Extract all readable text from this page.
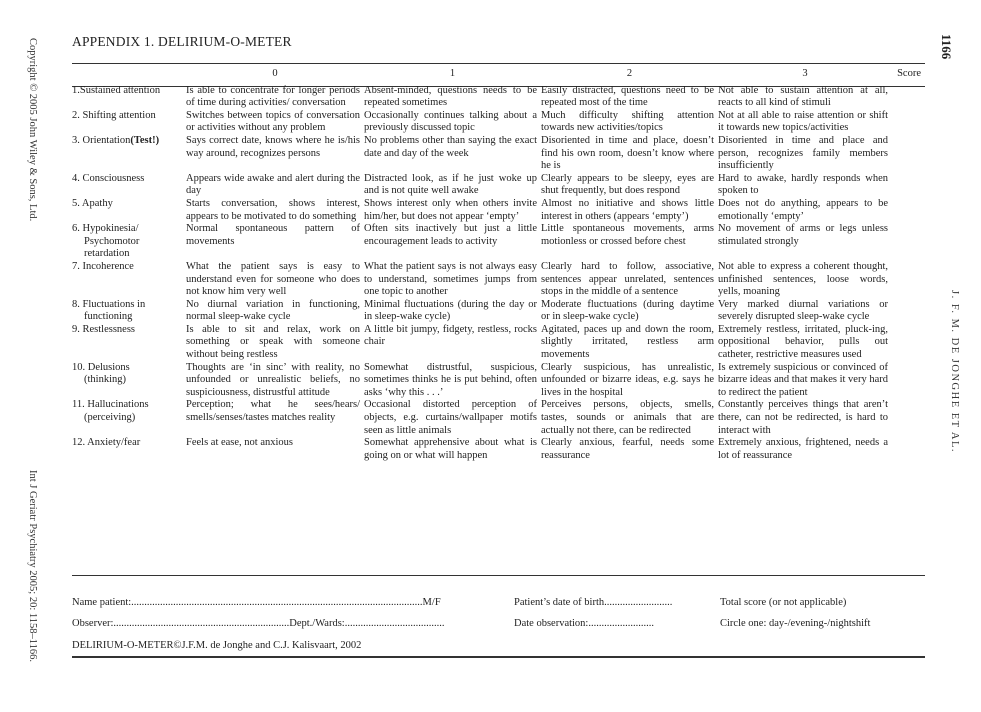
Copyright © 2005 John Wiley & Sons, Ltd.
Int J Geriatr Psychiatry 2005; 20: 1158–1166.
J. F. M. DE JONGHE ET AL.
1166
APPENDIX 1. DELIRIUM-O-METER
	0	1	2	3	Score
1.Sustained attention	Is able to concentrate for longer periods of time during activities/ conversation	Absent-minded, questions needs to be repeated sometimes	Easily distracted, questions need to be repeated most of the time	Not able to sustain attention at all, reacts to all kind of stimuli	
2. Shifting attention	Switches between topics of conversation or activities without any problem	Occasionally continues talking about a previously discussed topic	Much difficulty shifting attention towards new activities/topics	Not at all able to raise attention or shift it towards new topics/activities	
3. Orientation(Test!)	Says correct date, knows where he is/his way around, recognizes persons	No problems other than saying the exact date and day of the week	Disoriented in time and place, doesn’t find his own room, doesn’t know where he is	Disoriented in time and place and person, recognizes family members insufficiently	
4. Consciousness	Appears wide awake and alert during the day	Distracted look, as if he just woke up and is not quite well awake	Clearly appears to be sleepy, eyes are shut frequently, but does respond	Hard to awake, hardly responds when spoken to	
5. Apathy	Starts conversation, shows interest, appears to be motivated to do something	Shows interest only when others invite him/her, but does not appear ‘empty’	Almost no initiative and shows little interest in others (appears ‘empty’)	Does not do anything, appears to be emotionally ‘empty’	
6. Hypokinesia/
Psychomotor retardation	Normal spontaneous pattern of movements	Often sits inactively but just a little encouragement leads to activity	Little spontaneous movements, arms motionless or crossed before chest	No movement of arms or legs unless stimulated strongly	
7. Incoherence	What the patient says is easy to understand even for someone who does not know him very well	What the patient says is not always easy to understand, sometimes jumps from one topic to another	Clearly hard to follow, associative, sentences appear unrelated, sentences stops in the middle of a sentence	Not able to express a coherent thought, unfinished sentences, loose words, yells, moaning	
8. Fluctuations in
functioning	No diurnal variation in functioning, normal sleep-wake cycle	Minimal fluctuations (during the day or in sleep-wake cycle)	Moderate fluctuations (during daytime or in sleep-wake cycle)	Very marked diurnal variations or severely disrupted sleep-wake cycle	
9. Restlessness	Is able to sit and relax, work on something or speak with someone without being restless	A little bit jumpy, fidgety, restless, rocks chair	Agitated, paces up and down the room, slightly irritated, restless arm movements	Extremely restless, irritated, pluck-ing, oppositional behavior, pulls out catheter, restrictive measures used	
10. Delusions
(thinking)	Thoughts are ‘in sinc’ with reality, no unfounded or unrealistic beliefs, no suspiciousness, distrustful attitude	Somewhat distrustful, suspicious, sometimes thinks he is put behind, often asks ‘why this . . .’	Clearly suspicious, has unrealistic, unfounded or bizarre ideas, e.g. says he lives in the hospital	Is extremely suspicious or convinced of bizarre ideas and that makes it very hard to redirect the patient	
11. Hallucinations
(perceiving)	Perception; what he sees/hears/ smells/senses/tastes matches reality	Occasional distorted perception of objects, e.g. curtains/wallpaper motifs seen as little animals	Perceives persons, objects, smells, tastes, sounds or animals that are actually not there, can be redirected	Constantly perceives things that aren’t there, can not be redirected, is hard to interact with	
12. Anxiety/fear	Feels at ease, not anxious	Somewhat apprehensive about what is going on or what will happen	Clearly anxious, fearful, needs some reassurance	Extremely anxious, frightened, needs a lot of reassurance	
Name patient:...............................................................................................................M/F	Patient’s date of birth..........................	Total score (or not applicable)
Observer:...................................................................Dept./Wards:......................................	Date observation:.........................	Circle one: day-/evening-/nightshift
DELIRIUM-O-METER©J.F.M. de Jonghe and C.J. Kalisvaart, 2002
